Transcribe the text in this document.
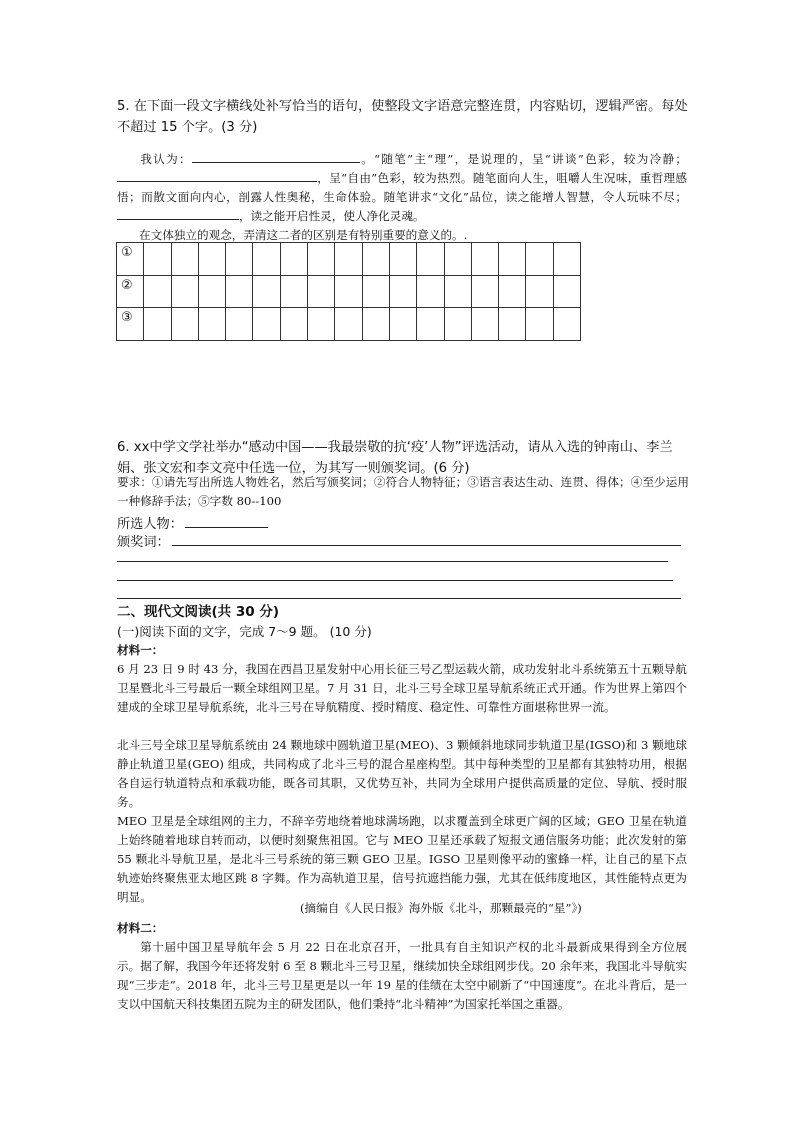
5. 在下面一段文字横线处补写恰当的语句，使整段文字语意完整连贯，内容贴切，逻辑严密。每处不超过 15 个字。(3 分)
我认为：	。“随笔”主“理”，是说理的，呈“讲谈”色彩，较为冷静；，呈“自由”色彩，较为热烈。随笔面向人生，咀嚼人生况味，重哲理感悟；而散文面向内心，剖露人性奥秘，生命体验。随笔讲求“文化”品位，读之能增人智慧，令人玩味不尽；，读之能开启性灵，使人净化灵魂。
在文体独立的观念，弄清这二者的区别是有特别重要的意义的。.
①																
②																
③																
6. xx中学文学社举办“感动中国——我最崇敬的抗‘疫’人物”评选活动，请从入选的钟南山、李兰娟、张文宏和李文亮中任选一位，为其写一则颁奖词。(6 分)
要求：①请先写出所选人物姓名，然后写颁奖词；②符合人物特征；③语言表达生动、连贯、得体；④至少运用一种修辞手法；⑤字数 80--100
所选人物：
颁奖词：
二、现代文阅读(共 30 分)
(一)阅读下面的文字，完成 7～9 题。 (10 分)
材料一：
6 月 23 日 9 时 43 分，我国在西昌卫星发射中心用长征三号乙型运载火箭，成功发射北斗系统第五十五颗导航卫星暨北斗三号最后一颗全球组网卫星。7 月 31 日，北斗三号全球卫星导航系统正式开通。作为世界上第四个建成的全球卫星导航系统，北斗三号在导航精度、授时精度、稳定性、可靠性方面堪称世界一流。
北斗三号全球卫星导航系统由 24 颗地球中圆轨道卫星(MEO)、3 颗倾斜地球同步轨道卫星(IGSO)和 3 颗地球静止轨道卫星(GEO) 组成，共同构成了北斗三号的混合星座构型。其中每种类型的卫星都有其独特功用，根据各自运行轨道特点和承载功能，既各司其职，又优势互补，共同为全球用户提供高质量的定位、导航、授时服务。
MEO 卫星是全球组网的主力，不辞辛劳地绕着地球满场跑，以求覆盖到全球更广阔的区域；GEO 卫星在轨道上始终随着地球自转而动，以便时刻聚焦祖国。它与 MEO 卫星还承载了短报文通信服务功能；此次发射的第 55 颗北斗导航卫星，是北斗三号系统的第三颗 GEO 卫星。IGSO 卫星则像平动的蜜蜂一样，让自己的星下点轨迹始终聚焦亚太地区跳 8 字舞。作为高轨道卫星，信号抗遮挡能力强，尤其在低纬度地区，其性能特点更为明显。
(摘编自《人民日报》海外版《北斗，那颗最亮的“星”》)
材料二：
第十届中国卫星导航年会 5 月 22 日在北京召开，一批具有自主知识产权的北斗最新成果得到全方位展示。据了解，我国今年还将发射 6 至 8 颗北斗三号卫星，继续加快全球组网步伐。20 余年来，我国北斗导航实现“三步走”。2018 年，北斗三号卫星更是以一年 19 星的佳绩在太空中刷新了“中国速度”。在北斗背后，是一支以中国航天科技集团五院为主的研发团队，他们秉持“北斗精神”为国家托举国之重器。
